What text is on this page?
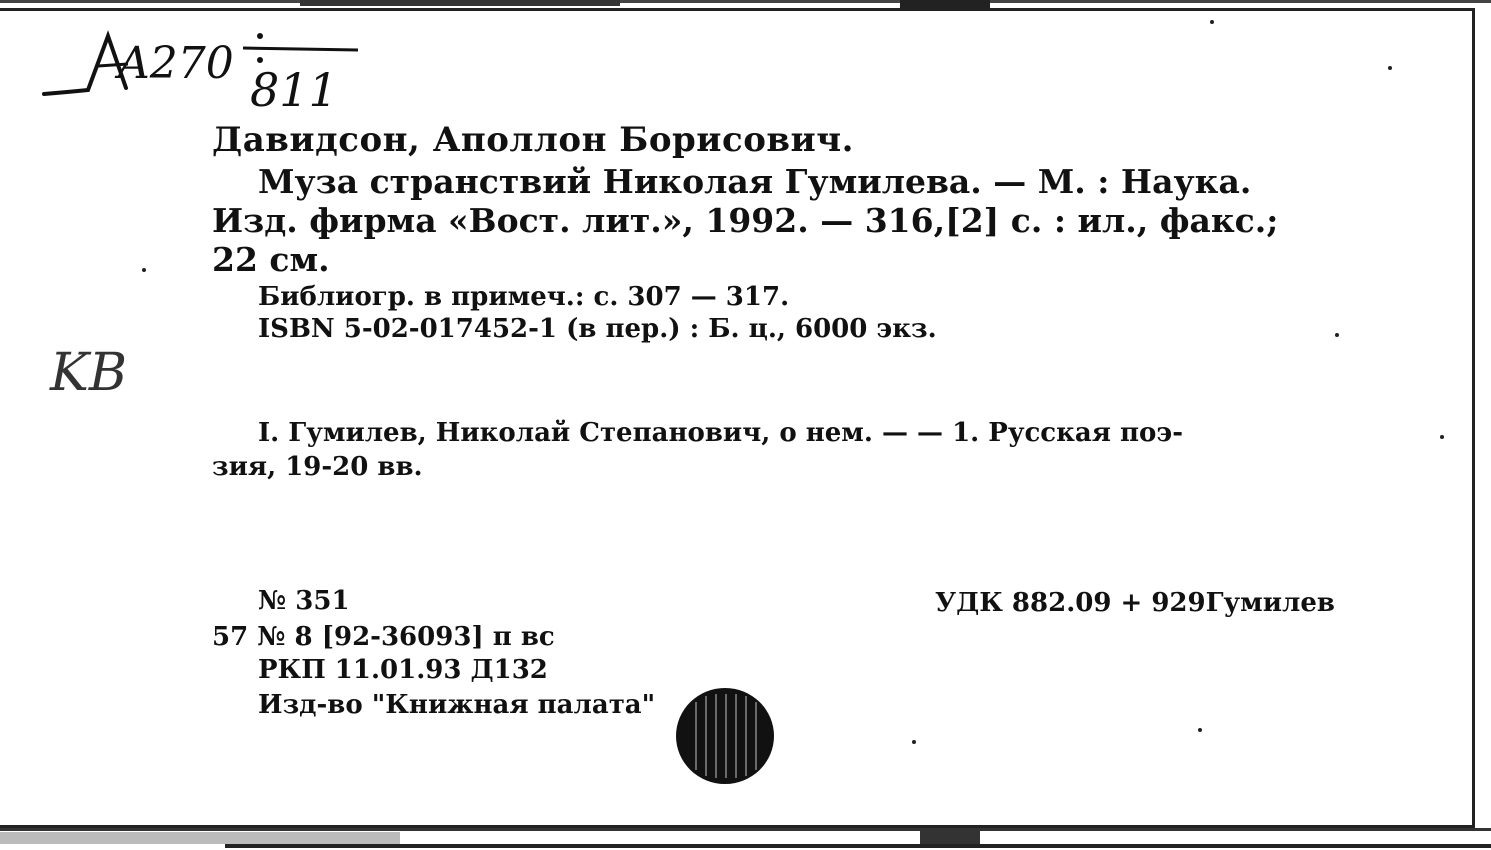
A270 811
KB
Давидсон, Аполлон Борисович.
Муза странствий Николая Гумилева. — М. : Наука.
Изд. фирма «Вост. лит.», 1992. — 316,[2] с. : ил., факс.;
22 см.
Библиогр. в примеч.: с. 307 — 317.
ISBN 5-02-017452-1 (в пер.) : Б. ц., 6000 экз.
I. Гумилев, Николай Степанович, о нем. — — 1. Русская поэ-
зия, 19-20 вв.
№ 351	УДК 882.09 + 929Гумилев
57 № 8 [92-36093] п вс
РКП 11.01.93 Д132
Изд-во "Книжная палата"
